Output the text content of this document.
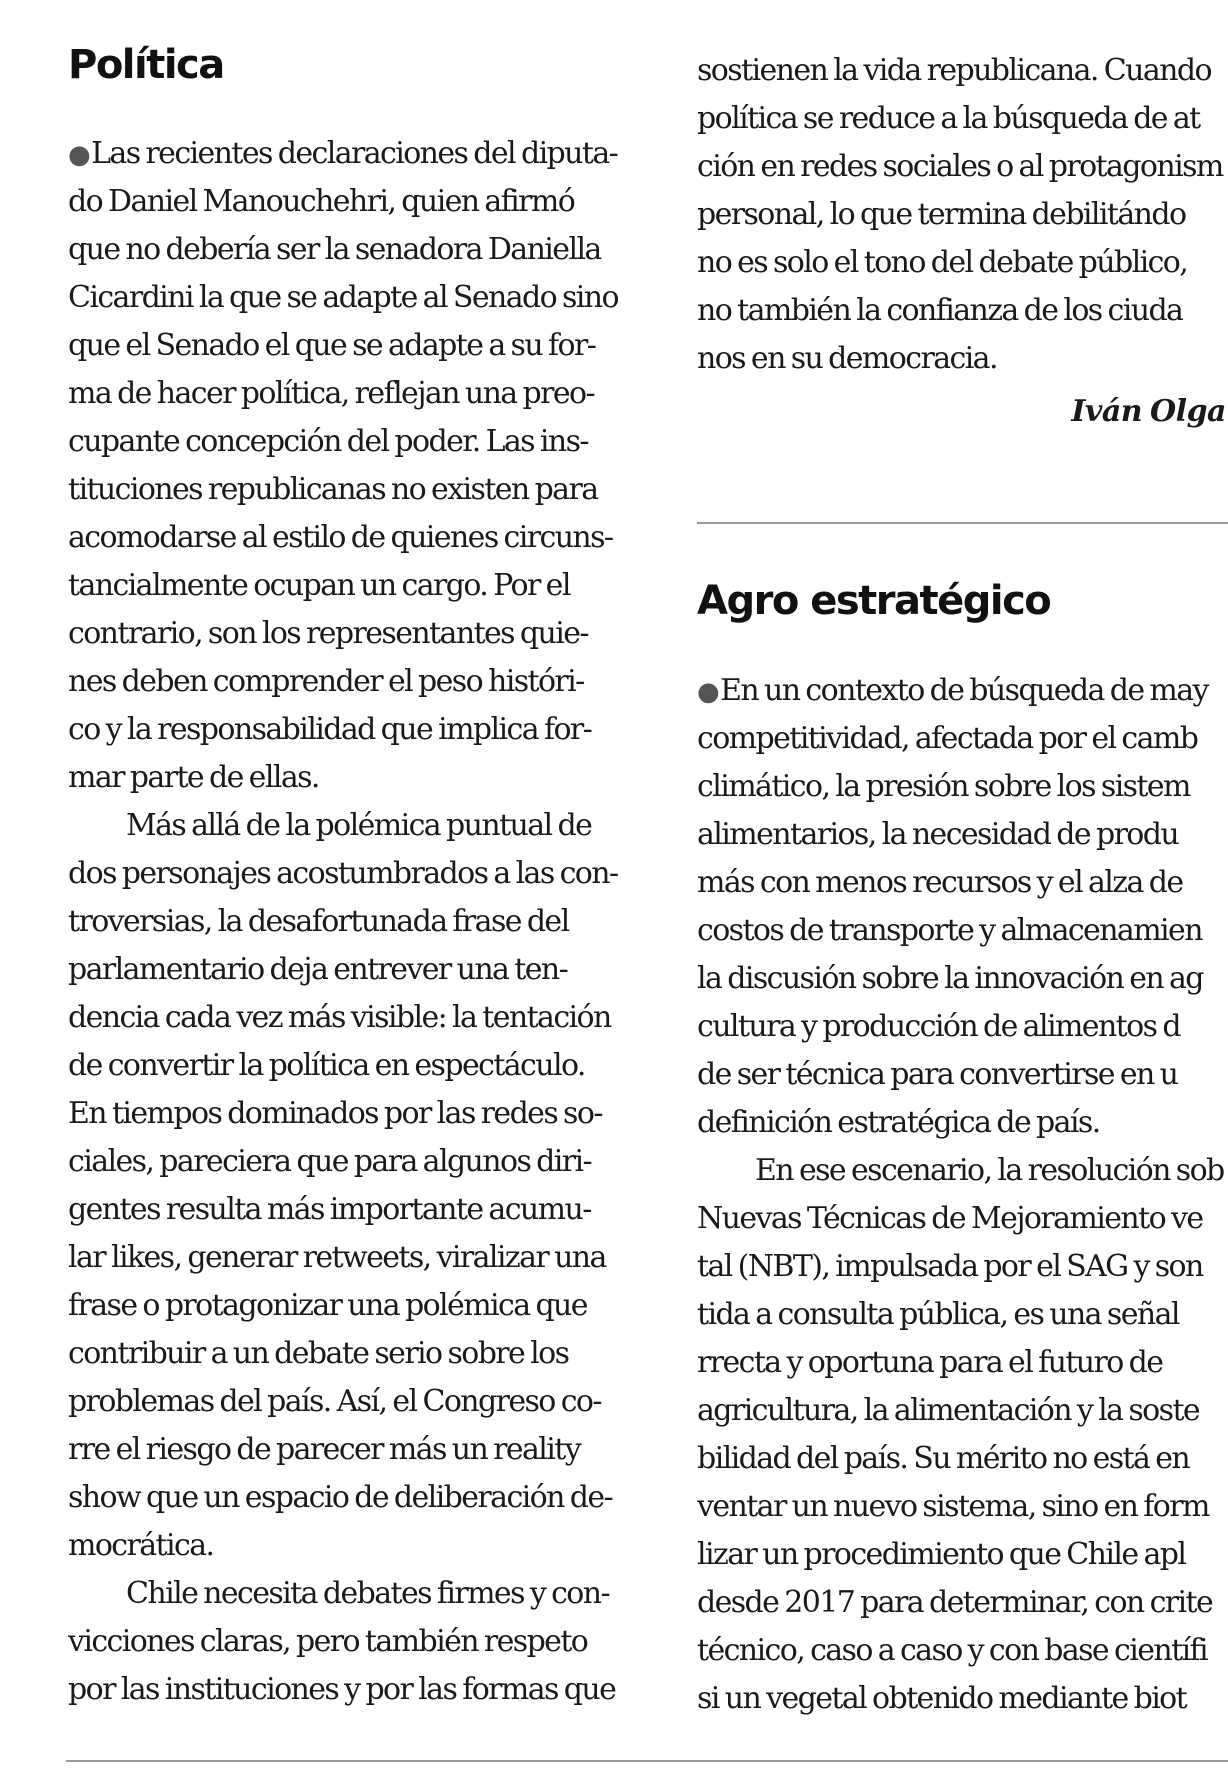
Política
●Las recientes declaraciones del diputa-
do Daniel Manouchehri, quien afirmó
que no debería ser la senadora Daniella
Cicardini la que se adapte al Senado sino
que el Senado el que se adapte a su for-
ma de hacer política, reflejan una preo-
cupante concepción del poder. Las ins-
tituciones republicanas no existen para
acomodarse al estilo de quienes circuns-
tancialmente ocupan un cargo. Por el
contrario, son los representantes quie-
nes deben comprender el peso históri-
co y la responsabilidad que implica for-
mar parte de ellas.
Más allá de la polémica puntual de
dos personajes acostumbrados a las con-
troversias, la desafortunada frase del
parlamentario deja entrever una ten-
dencia cada vez más visible: la tentación
de convertir la política en espectáculo.
En tiempos dominados por las redes so-
ciales, pareciera que para algunos diri-
gentes resulta más importante acumu-
lar likes, generar retweets, viralizar una
frase o protagonizar una polémica que
contribuir a un debate serio sobre los
problemas del país. Así, el Congreso co-
rre el riesgo de parecer más un reality
show que un espacio de deliberación de-
mocrática.
Chile necesita debates firmes y con-
vicciones claras, pero también respeto
por las instituciones y por las formas que
sostienen la vida republicana. Cuando
política se reduce a la búsqueda de at
ción en redes sociales o al protagonism
personal, lo que termina debilitándo
no es solo el tono del debate público,
no también la confianza de los ciuda
nos en su democracia.
Iván Olga
Agro estratégico
●En un contexto de búsqueda de may
competitividad, afectada por el camb
climático, la presión sobre los sistem
alimentarios, la necesidad de produ
más con menos recursos y el alza de
costos de transporte y almacenamien
la discusión sobre la innovación en ag
cultura y producción de alimentos d
de ser técnica para convertirse en u
definición estratégica de país.
En ese escenario, la resolución sob
Nuevas Técnicas de Mejoramiento ve
tal (NBT), impulsada por el SAG y son
tida a consulta pública, es una señal
rrecta y oportuna para el futuro de
agricultura, la alimentación y la soste
bilidad del país. Su mérito no está en
ventar un nuevo sistema, sino en form
lizar un procedimiento que Chile apl
desde 2017 para determinar, con crite
técnico, caso a caso y con base científi
si un vegetal obtenido mediante biot
